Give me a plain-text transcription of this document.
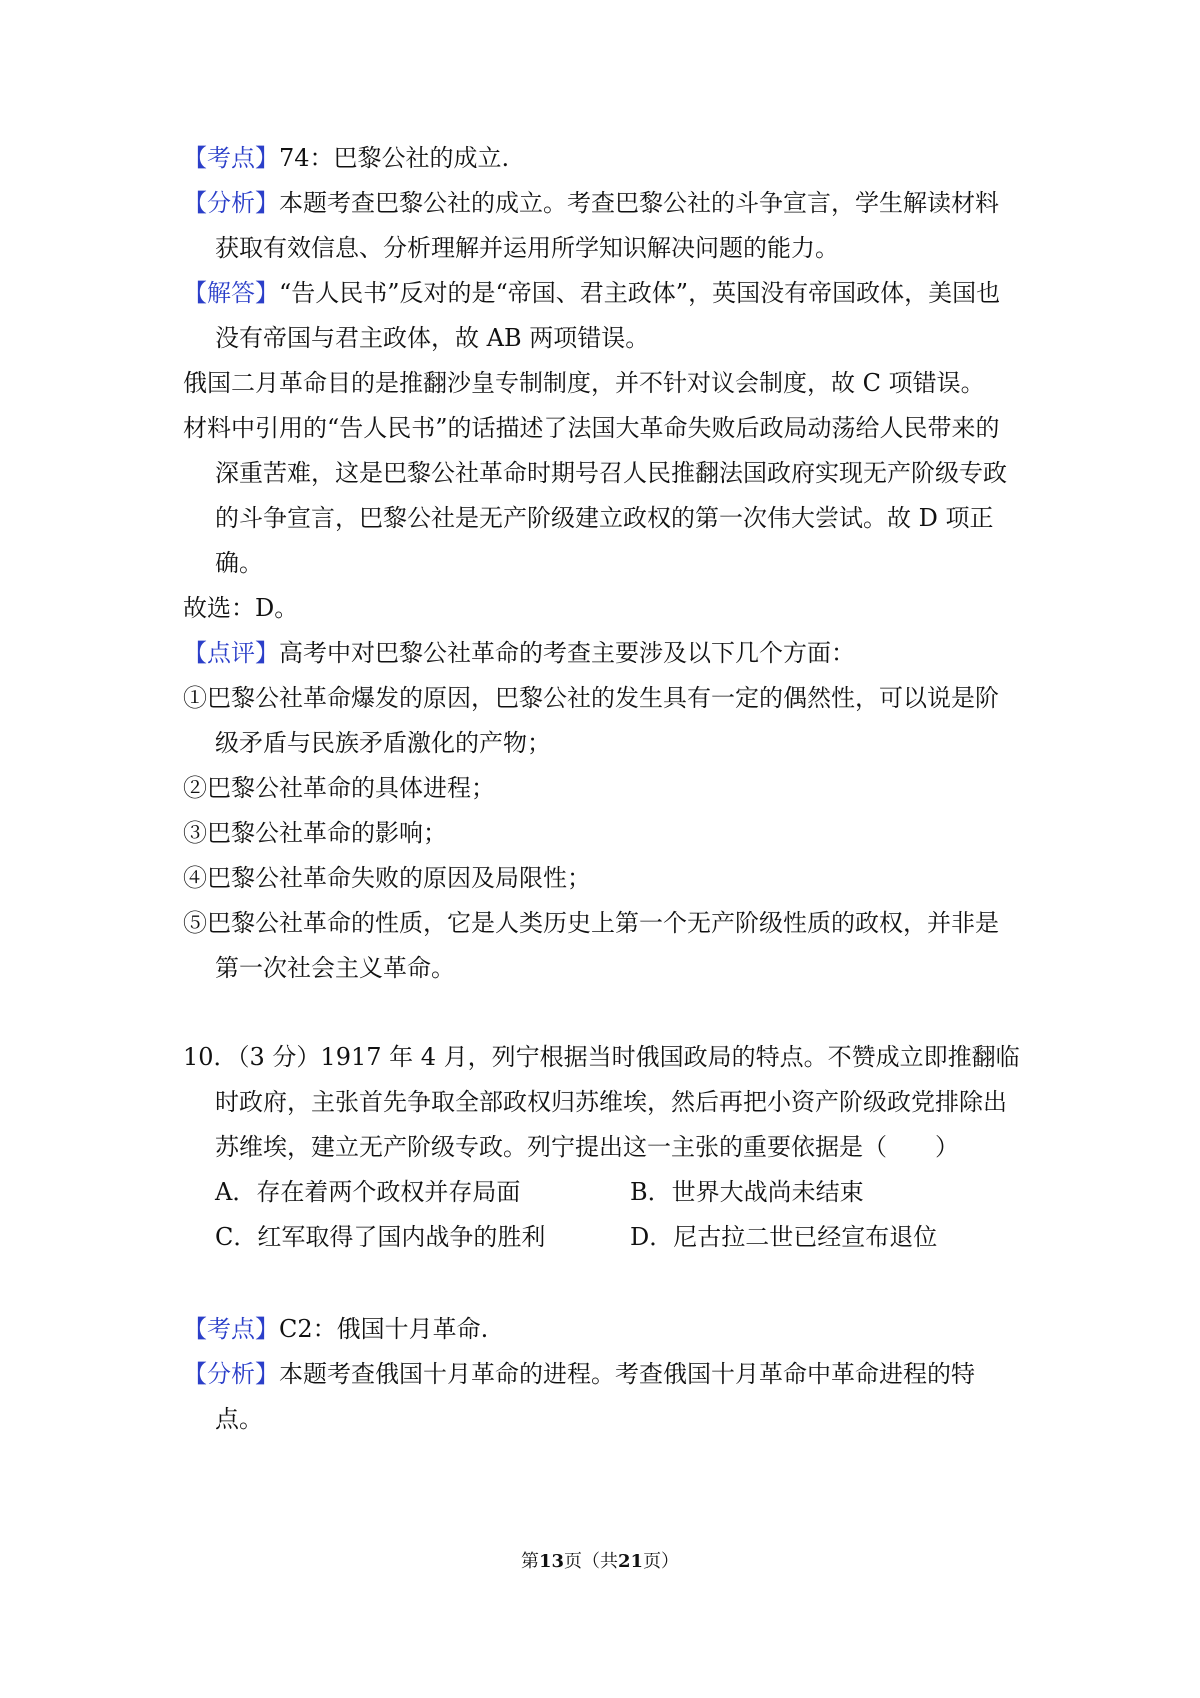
【考点】74：巴黎公社的成立.
【分析】本题考查巴黎公社的成立。考查巴黎公社的斗争宣言，学生解读材料
获取有效信息、分析理解并运用所学知识解决问题的能力。
【解答】“告人民书”反对的是“帝国、君主政体”，英国没有帝国政体，美国也
没有帝国与君主政体，故 AB 两项错误。
俄国二月革命目的是推翻沙皇专制制度，并不针对议会制度，故 C 项错误。
材料中引用的“告人民书”的话描述了法国大革命失败后政局动荡给人民带来的
深重苦难，这是巴黎公社革命时期号召人民推翻法国政府实现无产阶级专政
的斗争宣言，巴黎公社是无产阶级建立政权的第一次伟大尝试。故 D 项正
确。
故选：D。
【点评】高考中对巴黎公社革命的考查主要涉及以下几个方面：
①巴黎公社革命爆发的原因，巴黎公社的发生具有一定的偶然性，可以说是阶
级矛盾与民族矛盾激化的产物；
②巴黎公社革命的具体进程；
③巴黎公社革命的影响；
④巴黎公社革命失败的原因及局限性；
⑤巴黎公社革命的性质，它是人类历史上第一个无产阶级性质的政权，并非是
第一次社会主义革命。
10．（3 分）1917 年 4 月，列宁根据当时俄国政局的特点。不赞成立即推翻临
时政府，主张首先争取全部政权归苏维埃，然后再把小资产阶级政党排除出
苏维埃，建立无产阶级专政。列宁提出这一主张的重要依据是（　　）
A．存在着两个政权并存局面	B．世界大战尚未结束
C．红军取得了国内战争的胜利	D．尼古拉二世已经宣布退位
【考点】C2：俄国十月革命.
【分析】本题考查俄国十月革命的进程。考查俄国十月革命中革命进程的特
点。
第13页（共21页）
